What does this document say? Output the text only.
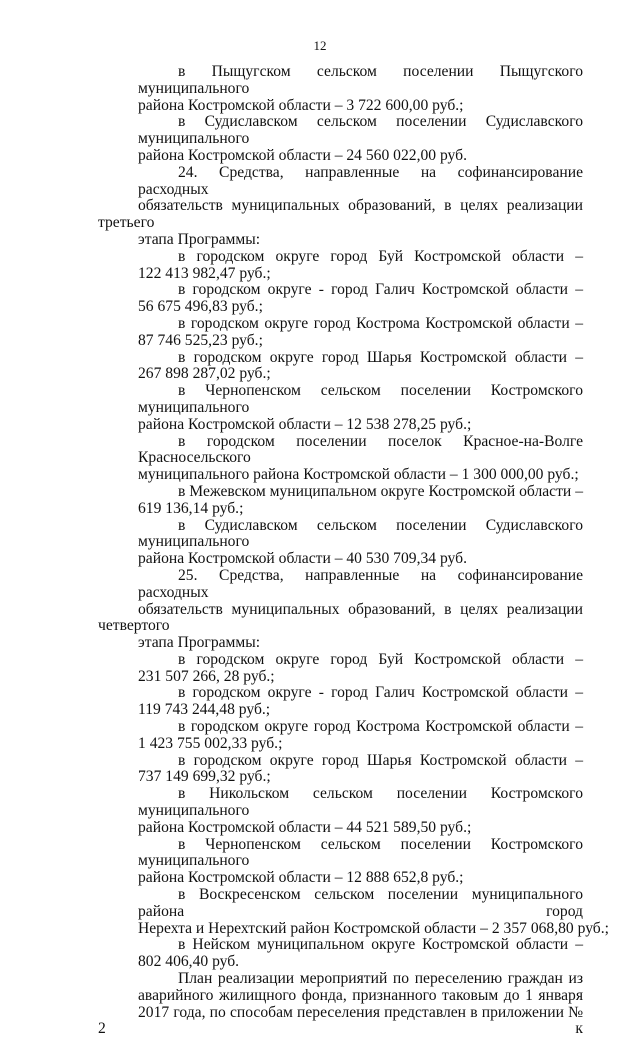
12
в Пыщугском сельском поселении Пыщугского муниципального
района Костромской области – 3 722 600,00 руб.;
в Судиславском сельском поселении Судиславского муниципального
района Костромской области – 24 560 022,00 руб.
24. Средства, направленные на софинансирование расходных
обязательств муниципальных образований, в целях реализации третьего
этапа Программы:
в городском округе город Буй Костромской области –
122 413 982,47 руб.;
в городском округе - город Галич Костромской области –
56 675 496,83 руб.;
в городском округе город Кострома Костромской области –
87 746 525,23 руб.;
в городском округе город Шарья Костромской области –
267 898 287,02 руб.;
в Чернопенском сельском поселении Костромского муниципального
района Костромской области – 12 538 278,25 руб.;
в городском поселении поселок Красное-на-Волге Красносельского
муниципального района Костромской области – 1 300 000,00 руб.;
в Межевском муниципальном округе Костромской области –
619 136,14 руб.;
в Судиславском сельском поселении Судиславского муниципального
района Костромской области – 40 530 709,34 руб.
25. Средства, направленные на софинансирование расходных
обязательств муниципальных образований, в целях реализации четвертого
этапа Программы:
в городском округе город Буй Костромской области –
231 507 266, 28 руб.;
в городском округе - город Галич Костромской области –
119 743 244,48 руб.;
в городском округе город Кострома Костромской области –
1 423 755 002,33 руб.;
в городском округе город Шарья Костромской области –
737 149 699,32 руб.;
в Никольском сельском поселении Костромского муниципального
района Костромской области – 44 521 589,50 руб.;
в Чернопенском сельском поселении Костромского муниципального
района Костромской области – 12 888 652,8 руб.;
в Воскресенском сельском поселении муниципального района город
Нерехта и Нерехтский район Костромской области – 2 357 068,80 руб.;
в Нейском муниципальном округе Костромской области –
802 406,40 руб.
План реализации мероприятий по переселению граждан из
аварийного жилищного фонда, признанного таковым до 1 января
2017 года, по способам переселения представлен в приложении № 2 к
